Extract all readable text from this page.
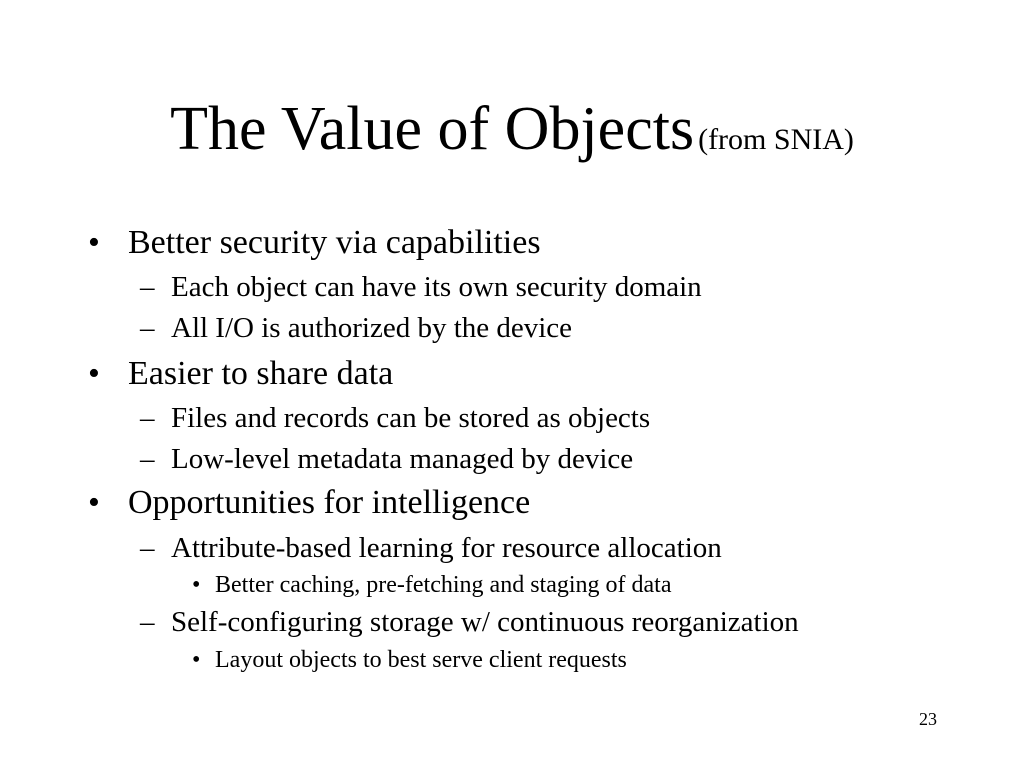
The Value of Objects (from SNIA)
• Better security via capabilities
– Each object can have its own security domain
– All I/O is authorized by the device
• Easier to share data
– Files and records can be stored as objects
– Low-level metadata managed by device
• Opportunities for intelligence
– Attribute-based learning for resource allocation
• Better caching, pre-fetching and staging of data
– Self-configuring storage w/ continuous reorganization
• Layout objects to best serve client requests
23
